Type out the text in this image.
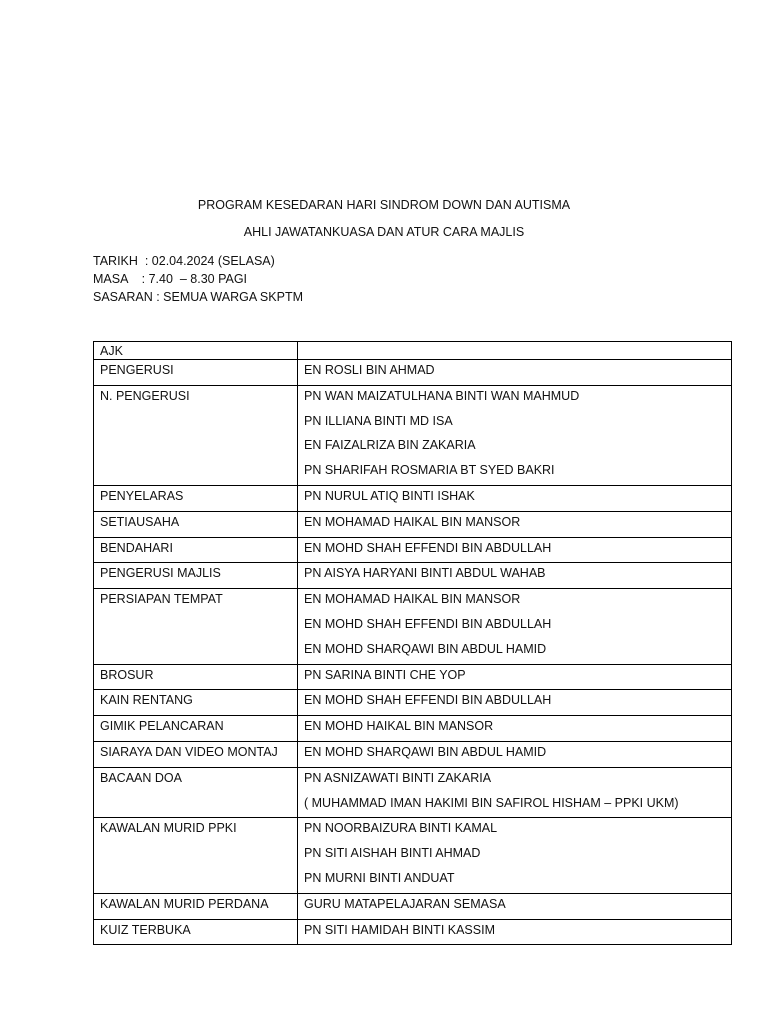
PROGRAM KESEDARAN HARI SINDROM DOWN DAN AUTISMA
AHLI JAWATANKUASA DAN ATUR CARA MAJLIS
TARIKH  : 02.04.2024 (SELASA)
MASA    : 7.40  – 8.30 PAGI
SASARAN : SEMUA WARGA SKPTM
AJK	

PENGERUSI	EN ROSLI BIN AHMAD

N. PENGERUSI	PN WAN MAIZATULHANA BINTI WAN MAHMUD
PN ILLIANA BINTI MD ISA
EN FAIZALRIZA BIN ZAKARIA
PN SHARIFAH ROSMARIA BT SYED BAKRI

PENYELARAS	PN NURUL ATIQ BINTI ISHAK

SETIAUSAHA	EN MOHAMAD HAIKAL BIN MANSOR

BENDAHARI	EN MOHD SHAH EFFENDI BIN ABDULLAH

PENGERUSI MAJLIS	PN AISYA HARYANI BINTI ABDUL WAHAB

PERSIAPAN TEMPAT	EN MOHAMAD HAIKAL BIN MANSOR
EN MOHD SHAH EFFENDI BIN ABDULLAH
EN MOHD SHARQAWI BIN ABDUL HAMID

BROSUR	PN SARINA BINTI CHE YOP

KAIN RENTANG	EN MOHD SHAH EFFENDI BIN ABDULLAH

GIMIK PELANCARAN	EN MOHD HAIKAL BIN MANSOR

SIARAYA DAN VIDEO MONTAJ	EN MOHD SHARQAWI BIN ABDUL HAMID

BACAAN DOA	PN ASNIZAWATI BINTI ZAKARIA
( MUHAMMAD IMAN HAKIMI BIN SAFIROL HISHAM – PPKI UKM)

KAWALAN MURID PPKI	PN NOORBAIZURA BINTI KAMAL
PN SITI AISHAH BINTI AHMAD
PN MURNI BINTI ANDUAT

KAWALAN MURID PERDANA	GURU MATAPELAJARAN SEMASA

KUIZ TERBUKA	PN SITI HAMIDAH BINTI KASSIM
